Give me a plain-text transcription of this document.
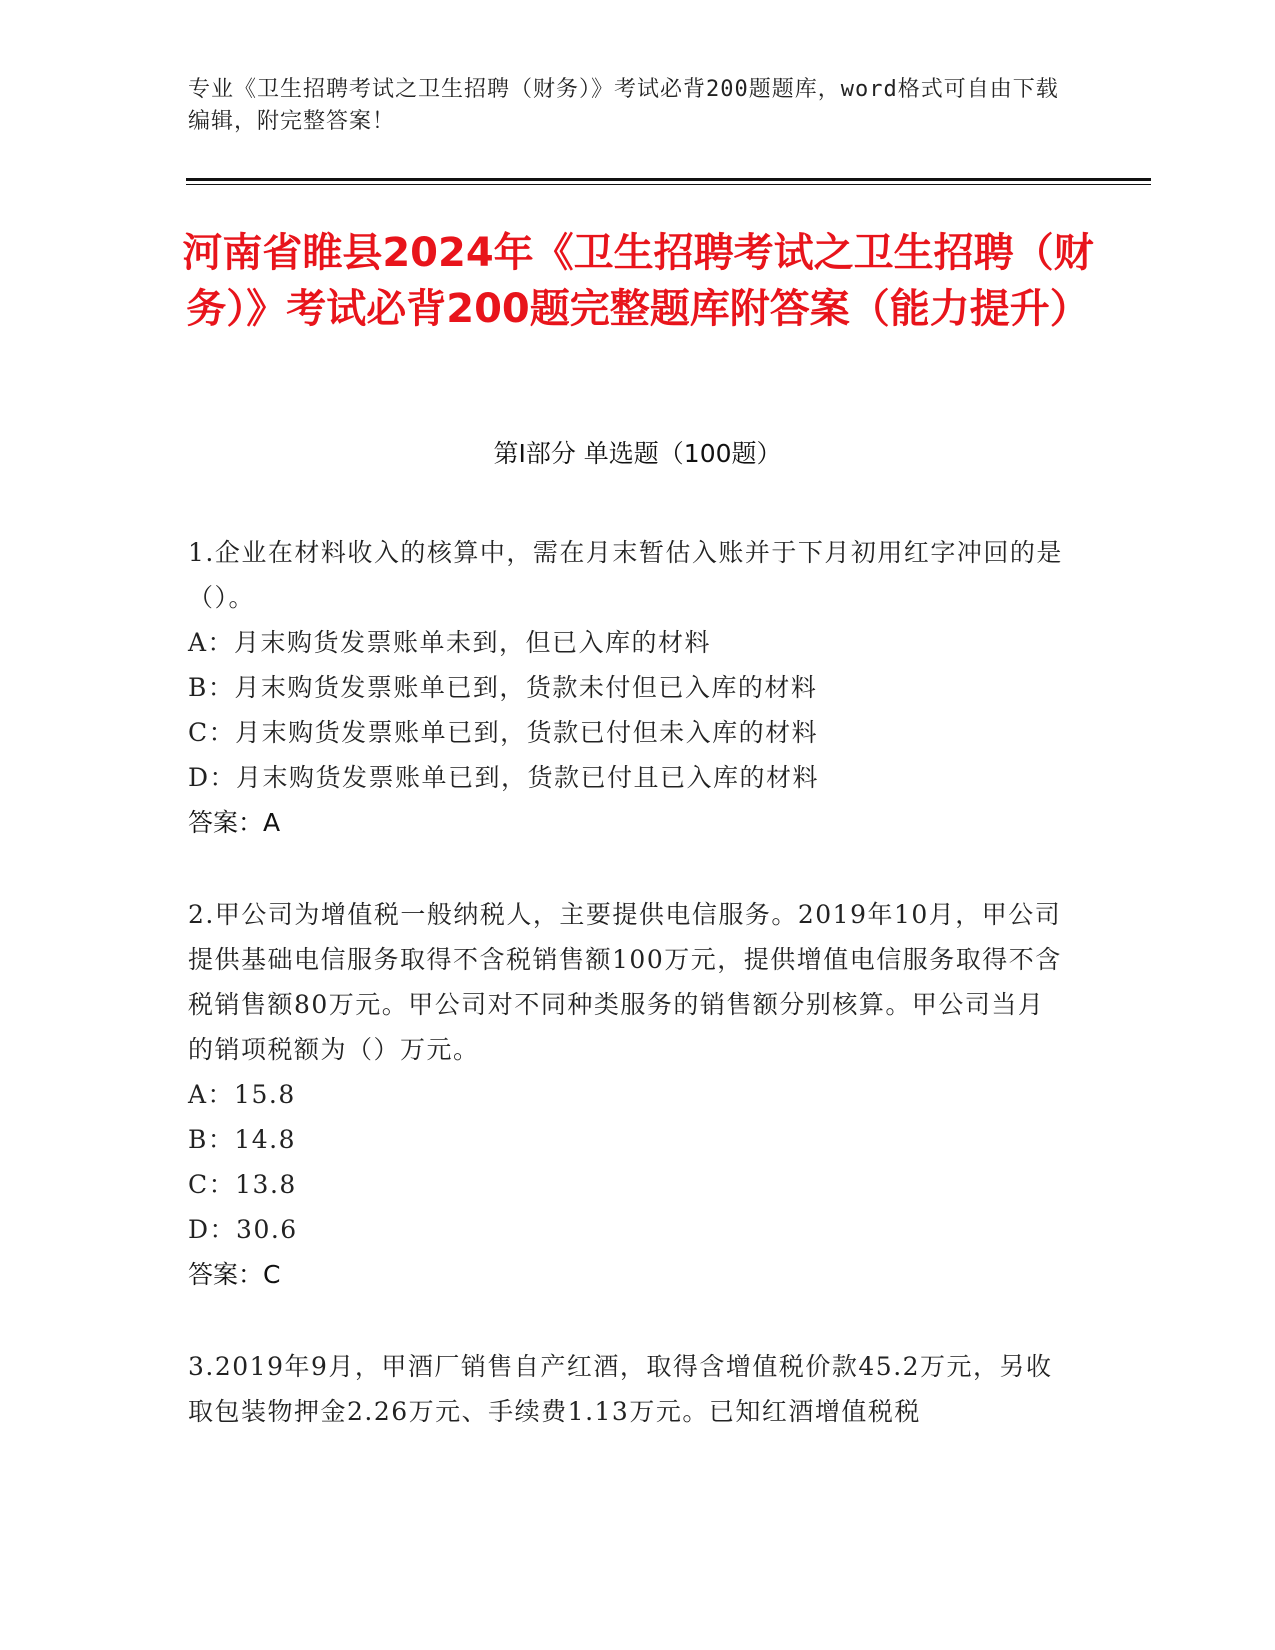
专业《卫生招聘考试之卫生招聘（财务）》考试必背200题题库，word格式可自由下载编辑，附完整答案！
河南省睢县2024年《卫生招聘考试之卫生招聘（财务）》考试必背200题完整题库附答案（能力提升）
第Ⅰ部分 单选题（100题）

1.企业在材料收入的核算中，需在月末暂估入账并于下月初用红字冲回的是（）。

A：月末购货发票账单未到，但已入库的材料

B：月末购货发票账单已到，货款未付但已入库的材料

C：月末购货发票账单已到，货款已付但未入库的材料

D：月末购货发票账单已到，货款已付且已入库的材料

答案：A

2.甲公司为增值税一般纳税人，主要提供电信服务。2019年10月，甲公司提供基础电信服务取得不含税销售额100万元，提供增值电信服务取得不含税销售额80万元。甲公司对不同种类服务的销售额分别核算。甲公司当月的销项税额为（）万元。

A：15.8

B：14.8

C：13.8

D：30.6

答案：C

3.2019年9月，甲酒厂销售自产红酒，取得含增值税价款45.2万元，另收取包装物押金2.26万元、手续费1.13万元。已知红酒增值税税
